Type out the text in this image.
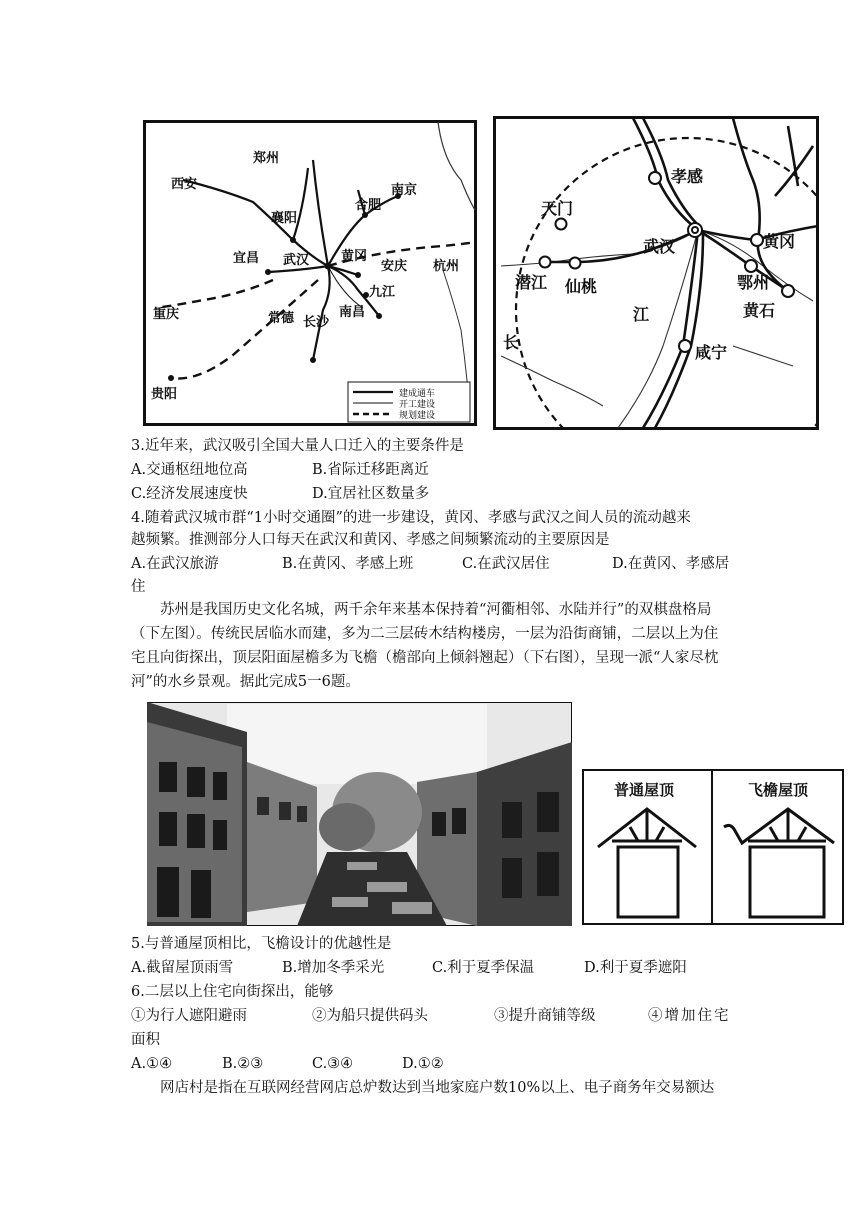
郑州
西安
襄阳
合肥
南京
宜昌 武汉 黄冈
安庆 杭州
九江
重庆	常德 长沙
南昌
贵阳	建成通车
开工建设
规划建设
孝感
天门
武汉	黄冈
潜江 仙桃	鄂州
黄石
咸宁
江
长
3.近年来，武汉吸引全国大量人口迁入的主要条件是
A.交通枢纽地位高	B.省际迁移距离近
C.经济发展速度快	D.宜居社区数量多
4.随着武汉城市群“1小时交通圈”的进一步建设，黄冈、孝感与武汉之间人员的流动越来
越频繁。推测部分人口每天在武汉和黄冈、孝感之间频繁流动的主要原因是
A.在武汉旅游	B.在黄冈、孝感上班	C.在武汉居住	D.在黄冈、孝感居
住
苏州是我国历史文化名城，两千余年来基本保持着“河衢相邻、水陆并行”的双棋盘格局（下左图）。传统民居临水而建，多为二三层砖木结构楼房，一层为沿街商铺，二层以上为住宅且向街探出，顶层阳面屋檐多为飞檐（檐部向上倾斜翘起）（下右图），呈现一派“人家尽枕河”的水乡景观。据此完成5一6题。
普通屋顶	飞檐屋顶
5.与普通屋顶相比，飞檐设计的优越性是
A.截留屋顶雨雪	B.增加冬季采光	C.利于夏季保温	D.利于夏季遮阳
6.二层以上住宅向街探出，能够
①为行人遮阳避雨	②为船只提供码头	③提升商铺等级	④增加住宅
面积
A.①④	B.②③	C.③④	D.①②
网店村是指在互联网经营网店总炉数达到当地家庭户数10%以上、电子商务年交易额达
